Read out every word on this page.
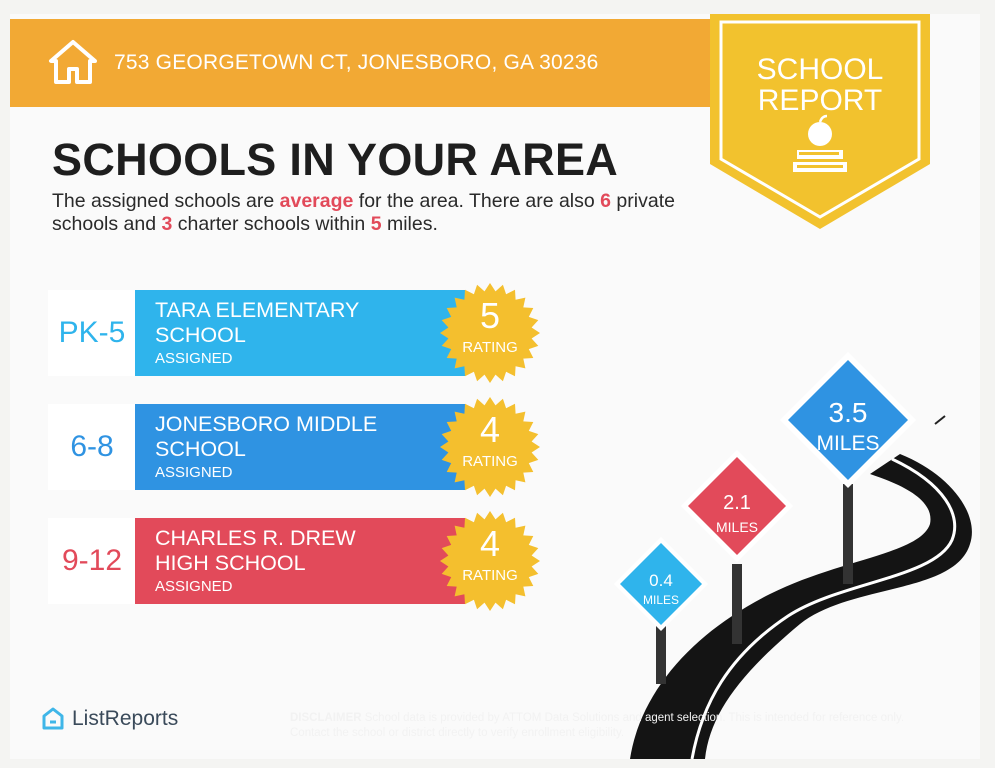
753 GEORGETOWN CT, JONESBORO, GA 30236	SCHOOL
REPORT
SCHOOLS IN YOUR AREA
The assigned schools are average for the area. There are also 6 private schools and 3 charter schools within 5 miles.
PK-5
TARA ELEMENTARY SCHOOL
ASSIGNED
5
RATING
6-8
JONESBORO MIDDLE SCHOOL
ASSIGNED
4
RATING
9-12
CHARLES R. DREW HIGH SCHOOL
ASSIGNED
4
RATING
3.5
MILES
2.1
MILES
0.4
MILES
ListReports	DISCLAIMER School data is provided by ATTOM Data Solutions and agent selection. This is intended for reference only. Contact the school or district directly to verify enrollment eligibility.
